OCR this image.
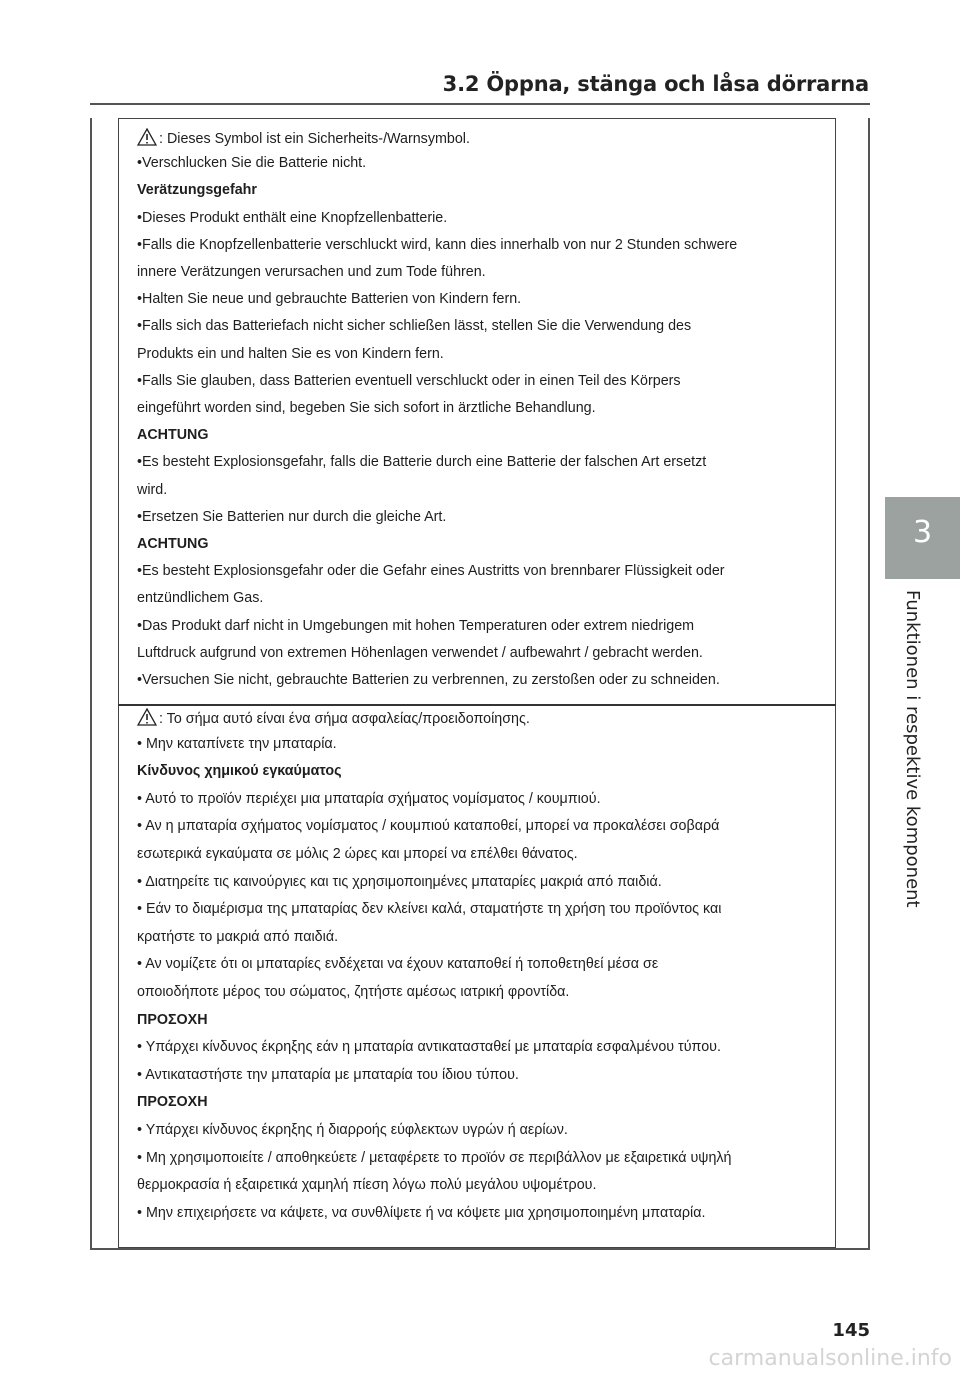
3.2 Öppna, stänga och låsa dörrarna
: Dieses Symbol ist ein Sicherheits-/Warnsymbol.
•Verschlucken Sie die Batterie nicht.
Verätzungsgefahr
•Dieses Produkt enthält eine Knopfzellenbatterie.
•Falls die Knopfzellenbatterie verschluckt wird, kann dies innerhalb von nur 2 Stunden schwere
innere Verätzungen verursachen und zum Tode führen.
•Halten Sie neue und gebrauchte Batterien von Kindern fern.
•Falls sich das Batteriefach nicht sicher schließen lässt, stellen Sie die Verwendung des
Produkts ein und halten Sie es von Kindern fern.
•Falls Sie glauben, dass Batterien eventuell verschluckt oder in einen Teil des Körpers
eingeführt worden sind, begeben Sie sich sofort in ärztliche Behandlung.
ACHTUNG
•Es besteht Explosionsgefahr, falls die Batterie durch eine Batterie der falschen Art ersetzt
wird.
•Ersetzen Sie Batterien nur durch die gleiche Art.
ACHTUNG
•Es besteht Explosionsgefahr oder die Gefahr eines Austritts von brennbarer Flüssigkeit oder
entzündlichem Gas.
•Das Produkt darf nicht in Umgebungen mit hohen Temperaturen oder extrem niedrigem
Luftdruck aufgrund von extremen Höhenlagen verwendet / aufbewahrt / gebracht werden.
•Versuchen Sie nicht, gebrauchte Batterien zu verbrennen, zu zerstoßen oder zu schneiden.
: Το σήμα αυτό είναι ένα σήμα ασφαλείας/προειδοποίησης.
• Μην καταπίνετε την μπαταρία.
Κίνδυνος χημικού εγκαύματος
• Αυτό το προϊόν περιέχει μια μπαταρία σχήματος νομίσματος / κουμπιού.
• Αν η μπαταρία σχήματος νομίσματος / κουμπιού καταποθεί, μπορεί να προκαλέσει σοβαρά
εσωτερικά εγκαύματα σε μόλις 2 ώρες και μπορεί να επέλθει θάνατος.
• Διατηρείτε τις καινούργιες και τις χρησιμοποιημένες μπαταρίες μακριά από παιδιά.
• Εάν το διαμέρισμα της μπαταρίας δεν κλείνει καλά, σταματήστε τη χρήση του προϊόντος και
κρατήστε το μακριά από παιδιά.
• Αν νομίζετε ότι οι μπαταρίες ενδέχεται να έχουν καταποθεί ή τοποθετηθεί μέσα σε
οποιοδήποτε μέρος του σώματος, ζητήστε αμέσως ιατρική φροντίδα.
ΠΡΟΣΟΧΗ
• Υπάρχει κίνδυνος έκρηξης εάν η μπαταρία αντικατασταθεί με μπαταρία εσφαλμένου τύπου.
• Αντικαταστήστε την μπαταρία με μπαταρία του ίδιου τύπου.
ΠΡΟΣΟΧΗ
• Υπάρχει κίνδυνος έκρηξης ή διαρροής εύφλεκτων υγρών ή αερίων.
• Μη χρησιμοποιείτε / αποθηκεύετε / μεταφέρετε το προϊόν σε περιβάλλον με εξαιρετικά υψηλή
θερμοκρασία ή εξαιρετικά χαμηλή πίεση λόγω πολύ μεγάλου υψομέτρου.
• Μην επιχειρήσετε να κάψετε, να συνθλίψετε ή να κόψετε μια χρησιμοποιημένη μπαταρία.
3
Funktionen i respektive komponent
145
carmanualsonline.info
